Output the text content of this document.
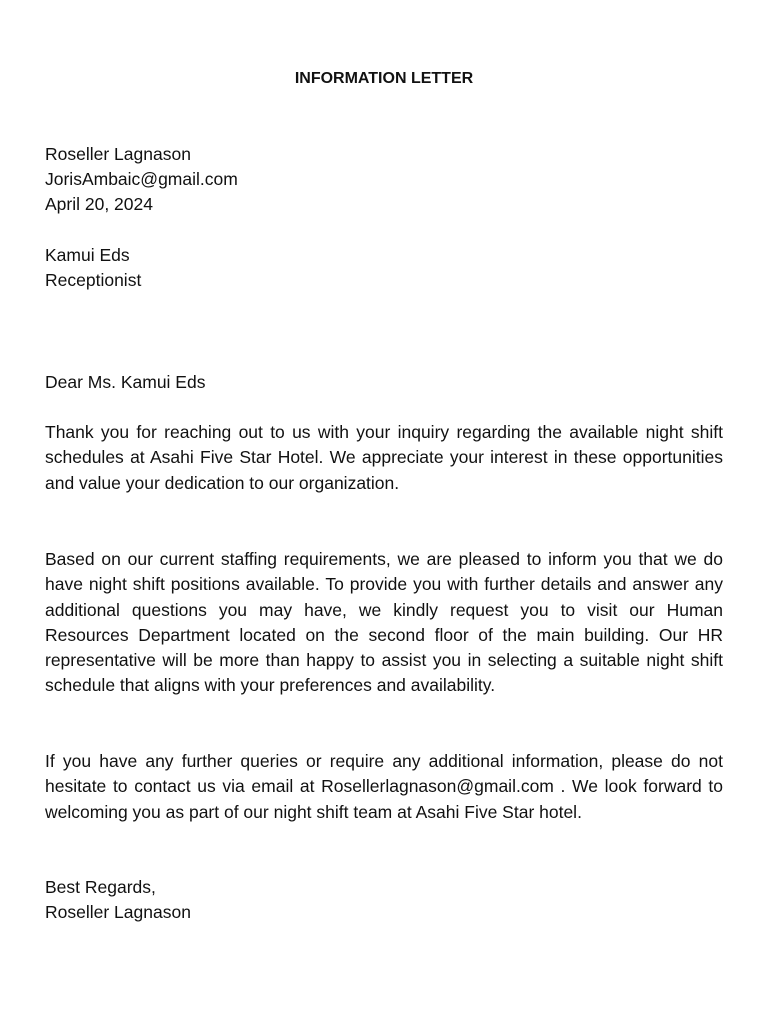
INFORMATION LETTER
Roseller Lagnason
JorisAmbaic@gmail.com
April 20, 2024
Kamui Eds
Receptionist
Dear Ms. Kamui Eds
Thank you for reaching out to us with your inquiry regarding the available night shift schedules at Asahi Five Star Hotel. We appreciate your interest in these opportunities and value your dedication to our organization.
Based on our current staffing requirements, we are pleased to inform you that we do have night shift positions available. To provide you with further details and answer any additional questions you may have, we kindly request you to visit our Human Resources Department located on the second floor of the main building. Our HR representative will be more than happy to assist you in selecting a suitable night shift schedule that aligns with your preferences and availability.
If you have any further queries or require any additional information, please do not hesitate to contact us via email at Rosellerlagnason@gmail.com . We look forward to welcoming you as part of our night shift team at Asahi Five Star hotel.
Best Regards,
Roseller Lagnason
